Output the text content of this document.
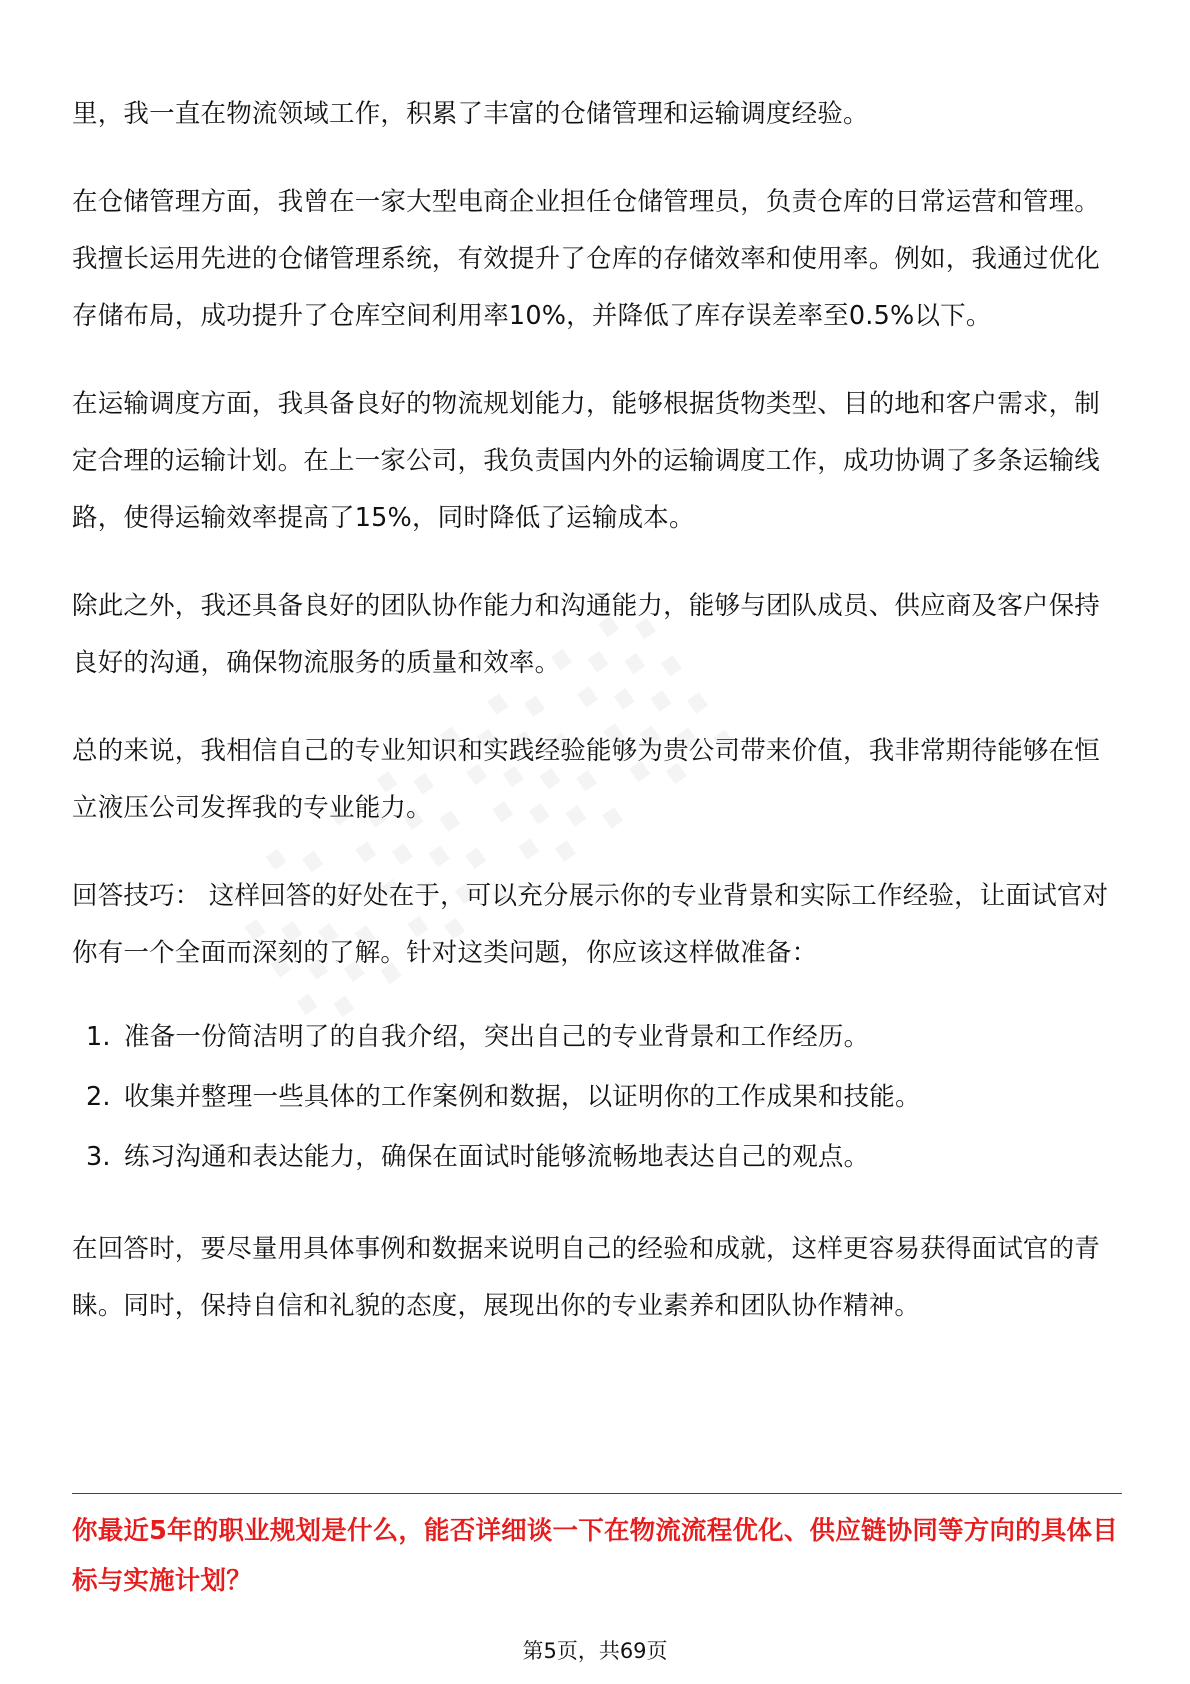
里，我一直在物流领域工作，积累了丰富的仓储管理和运输调度经验。

在仓储管理方面，我曾在一家大型电商企业担任仓储管理员，负责仓库的日常运营和管理。我擅长运用先进的仓储管理系统，有效提升了仓库的存储效率和使用率。例如，我通过优化存储布局，成功提升了仓库空间利用率10%，并降低了库存误差率至0.5%以下。

在运输调度方面，我具备良好的物流规划能力，能够根据货物类型、目的地和客户需求，制定合理的运输计划。在上一家公司，我负责国内外的运输调度工作，成功协调了多条运输线路，使得运输效率提高了15%，同时降低了运输成本。

除此之外，我还具备良好的团队协作能力和沟通能力，能够与团队成员、供应商及客户保持良好的沟通，确保物流服务的质量和效率。

总的来说，我相信自己的专业知识和实践经验能够为贵公司带来价值，我非常期待能够在恒立液压公司发挥我的专业能力。

回答技巧： 这样回答的好处在于，可以充分展示你的专业背景和实际工作经验，让面试官对你有一个全面而深刻的了解。针对这类问题，你应该这样做准备：

1. 准备一份简洁明了的自我介绍，突出自己的专业背景和工作经历。
2. 收集并整理一些具体的工作案例和数据，以证明你的工作成果和技能。
3. 练习沟通和表达能力，确保在面试时能够流畅地表达自己的观点。

在回答时，要尽量用具体事例和数据来说明自己的经验和成就，这样更容易获得面试官的青睐。同时，保持自信和礼貌的态度，展现出你的专业素养和团队协作精神。

你最近5年的职业规划是什么，能否详细谈一下在物流流程优化、供应链协同等方向的具体目标与实施计划？
第5页，共69页
